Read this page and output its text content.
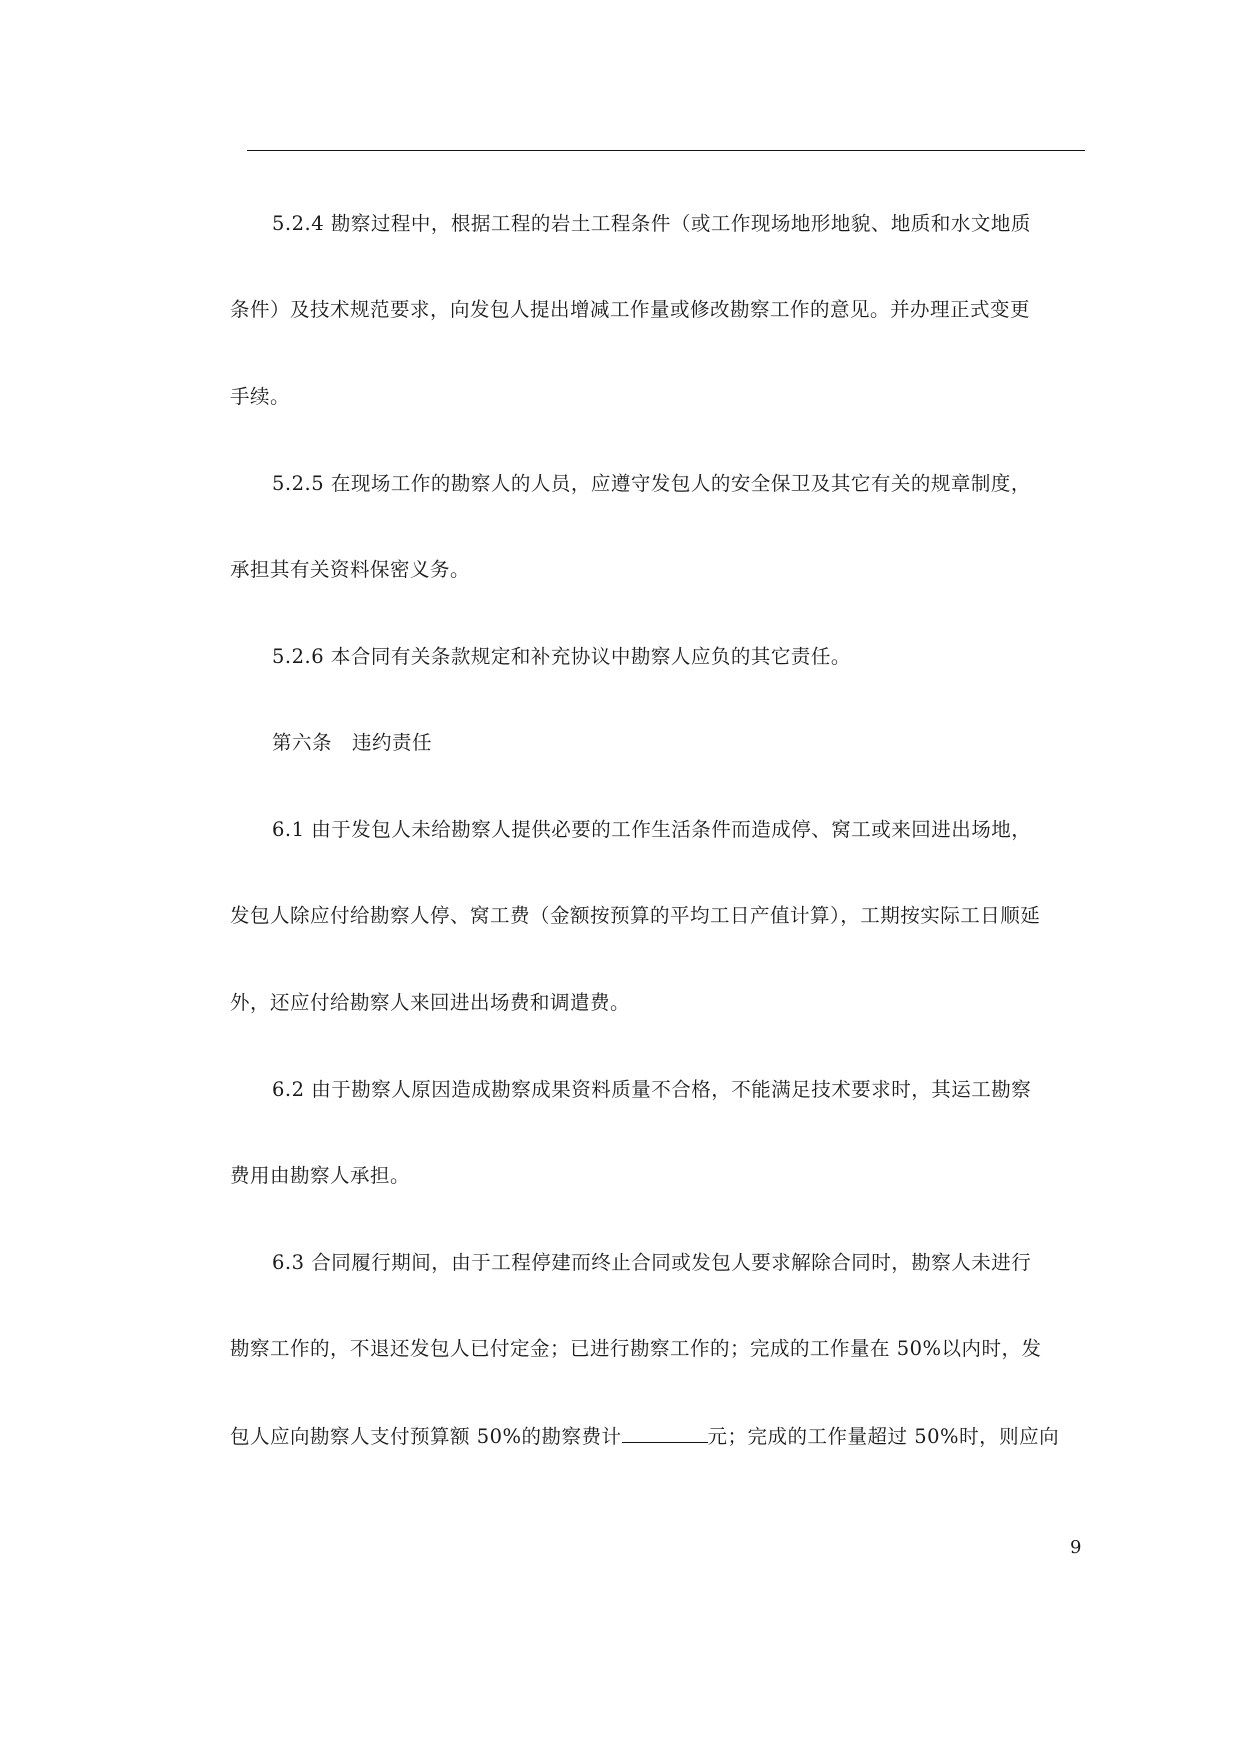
5.2.4 勘察过程中，根据工程的岩土工程条件（或工作现场地形地貌、地质和水文地质
条件）及技术规范要求，向发包人提出增减工作量或修改勘察工作的意见。并办理正式变更
手续。
5.2.5 在现场工作的勘察人的人员，应遵守发包人的安全保卫及其它有关的规章制度，
承担其有关资料保密义务。
5.2.6 本合同有关条款规定和补充协议中勘察人应负的其它责任。
第六条　违约责任
6.1 由于发包人未给勘察人提供必要的工作生活条件而造成停、窝工或来回进出场地，
发包人除应付给勘察人停、窝工费（金额按预算的平均工日产值计算），工期按实际工日顺延
外，还应付给勘察人来回进出场费和调遣费。
6.2 由于勘察人原因造成勘察成果资料质量不合格，不能满足技术要求时，其运工勘察
费用由勘察人承担。
6.3 合同履行期间，由于工程停建而终止合同或发包人要求解除合同时，勘察人未进行
勘察工作的，不退还发包人已付定金；已进行勘察工作的；完成的工作量在 50%以内时，发
包人应向勘察人支付预算额 50%的勘察费计	元；完成的工作量超过 50%时，则应向
9
